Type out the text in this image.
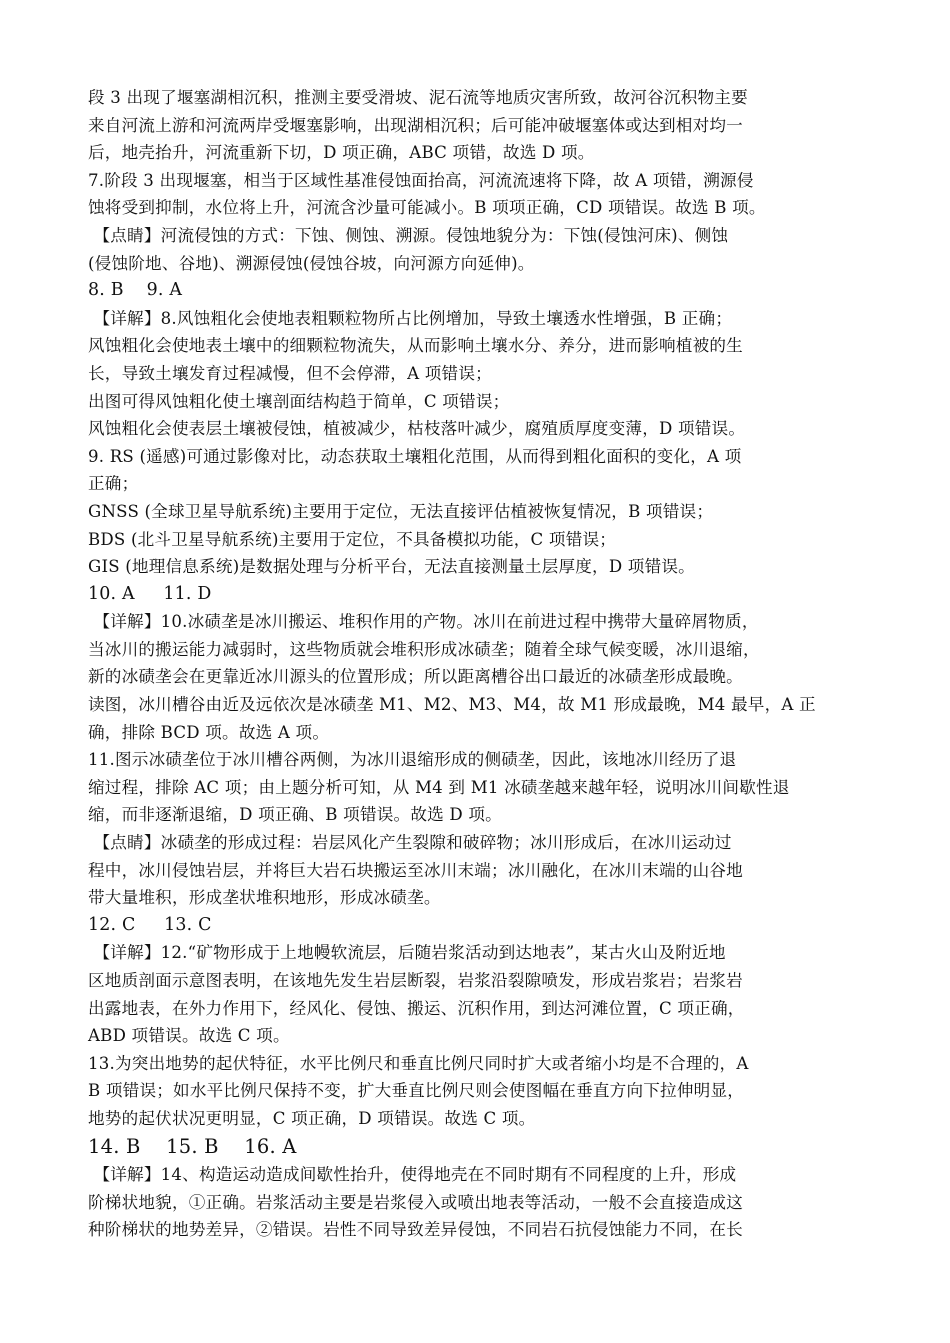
段 3 出现了堰塞湖相沉积，推测主要受滑坡、泥石流等地质灾害所致，故河谷沉积物主要
来自河流上游和河流两岸受堰塞影响，出现湖相沉积；后可能冲破堰塞体或达到相对均一
后，地壳抬升，河流重新下切，D 项正确，ABC 项错，故选 D 项。
7.阶段 3 出现堰塞，相当于区域性基准侵蚀面抬高，河流流速将下降，故 A 项错，溯源侵
蚀将受到抑制，水位将上升，河流含沙量可能减小。B 项项正确，CD 项错误。故选 B 项。
【点睛】河流侵蚀的方式：下蚀、侧蚀、溯源。侵蚀地貌分为：下蚀(侵蚀河床)、侧蚀
(侵蚀阶地、谷地)、溯源侵蚀(侵蚀谷坡，向河源方向延伸)。
8. B    9. A
【详解】8.风蚀粗化会使地表粗颗粒物所占比例增加，导致土壤透水性增强，B 正确；
风蚀粗化会使地表土壤中的细颗粒物流失，从而影响土壤水分、养分，进而影响植被的生
长，导致土壤发育过程减慢，但不会停滞，A 项错误；
出图可得风蚀粗化使土壤剖面结构趋于简单，C 项错误；
风蚀粗化会使表层土壤被侵蚀，植被减少，枯枝落叶减少，腐殖质厚度变薄，D 项错误。
9. RS (遥感)可通过影像对比，动态获取土壤粗化范围，从而得到粗化面积的变化，A 项
正确；
GNSS (全球卫星导航系统)主要用于定位，无法直接评估植被恢复情况，B 项错误；
BDS (北斗卫星导航系统)主要用于定位，不具备模拟功能，C 项错误；
GIS (地理信息系统)是数据处理与分析平台，无法直接测量土层厚度，D 项错误。
10. A     11. D
【详解】10.冰碛垄是冰川搬运、堆积作用的产物。冰川在前进过程中携带大量碎屑物质，
当冰川的搬运能力减弱时，这些物质就会堆积形成冰碛垄；随着全球气候变暖，冰川退缩，
新的冰碛垄会在更靠近冰川源头的位置形成；所以距离槽谷出口最近的冰碛垄形成最晚。
读图，冰川槽谷由近及远依次是冰碛垄 M1、M2、M3、M4，故 M1 形成最晚，M4 最早，A 正
确，排除 BCD 项。故选 A 项。
11.图示冰碛垄位于冰川槽谷两侧，为冰川退缩形成的侧碛垄，因此，该地冰川经历了退
缩过程，排除 AC 项；由上题分析可知，从 M4 到 M1 冰碛垄越来越年轻，说明冰川间歇性退
缩，而非逐渐退缩，D 项正确、B 项错误。故选 D 项。
【点睛】冰碛垄的形成过程：岩层风化产生裂隙和破碎物；冰川形成后，在冰川运动过
程中，冰川侵蚀岩层，并将巨大岩石块搬运至冰川末端；冰川融化，在冰川末端的山谷地
带大量堆积，形成垄状堆积地形，形成冰碛垄。
12. C     13. C
【详解】12.“矿物形成于上地幔软流层，后随岩浆活动到达地表”，某古火山及附近地
区地质剖面示意图表明，在该地先发生岩层断裂，岩浆沿裂隙喷发，形成岩浆岩；岩浆岩
出露地表，在外力作用下，经风化、侵蚀、搬运、沉积作用，到达河滩位置，C 项正确，
ABD 项错误。故选 C 项。
13.为突出地势的起伏特征，水平比例尺和垂直比例尺同时扩大或者缩小均是不合理的，A
B 项错误；如水平比例尺保持不变，扩大垂直比例尺则会使图幅在垂直方向下拉伸明显，
地势的起伏状况更明显，C 项正确，D 项错误。故选 C 项。
14. B    15. B    16. A
【详解】14、构造运动造成间歇性抬升，使得地壳在不同时期有不同程度的上升，形成
阶梯状地貌，①正确。岩浆活动主要是岩浆侵入或喷出地表等活动，一般不会直接造成这
种阶梯状的地势差异，②错误。岩性不同导致差异侵蚀，不同岩石抗侵蚀能力不同，在长
